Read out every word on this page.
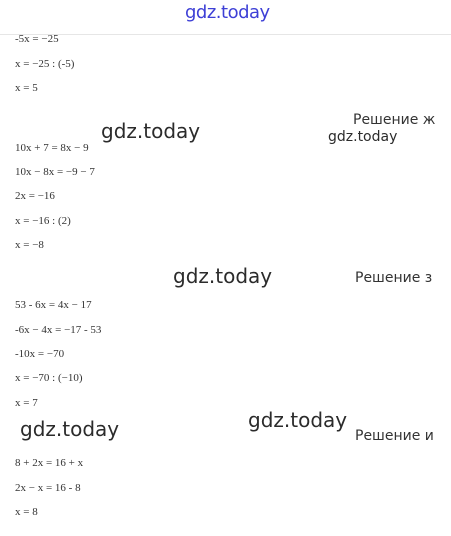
gdz.today
-5x = −25
x = −25 : (-5)
x = 5
Решение ж
10x + 7 = 8x − 9
10x − 8x = −9 − 7
2x = −16
x = −16 : (2)
x = −8
Решение з
53 - 6x = 4x − 17
-6x − 4x = −17 - 53
-10x = −70
x = −70 : (−10)
x = 7
Решение и
8 + 2x = 16 + x
2x − x = 16 - 8
x = 8
gdz.today	gdz.today
gdz.today
gdz.today
gdz.today
